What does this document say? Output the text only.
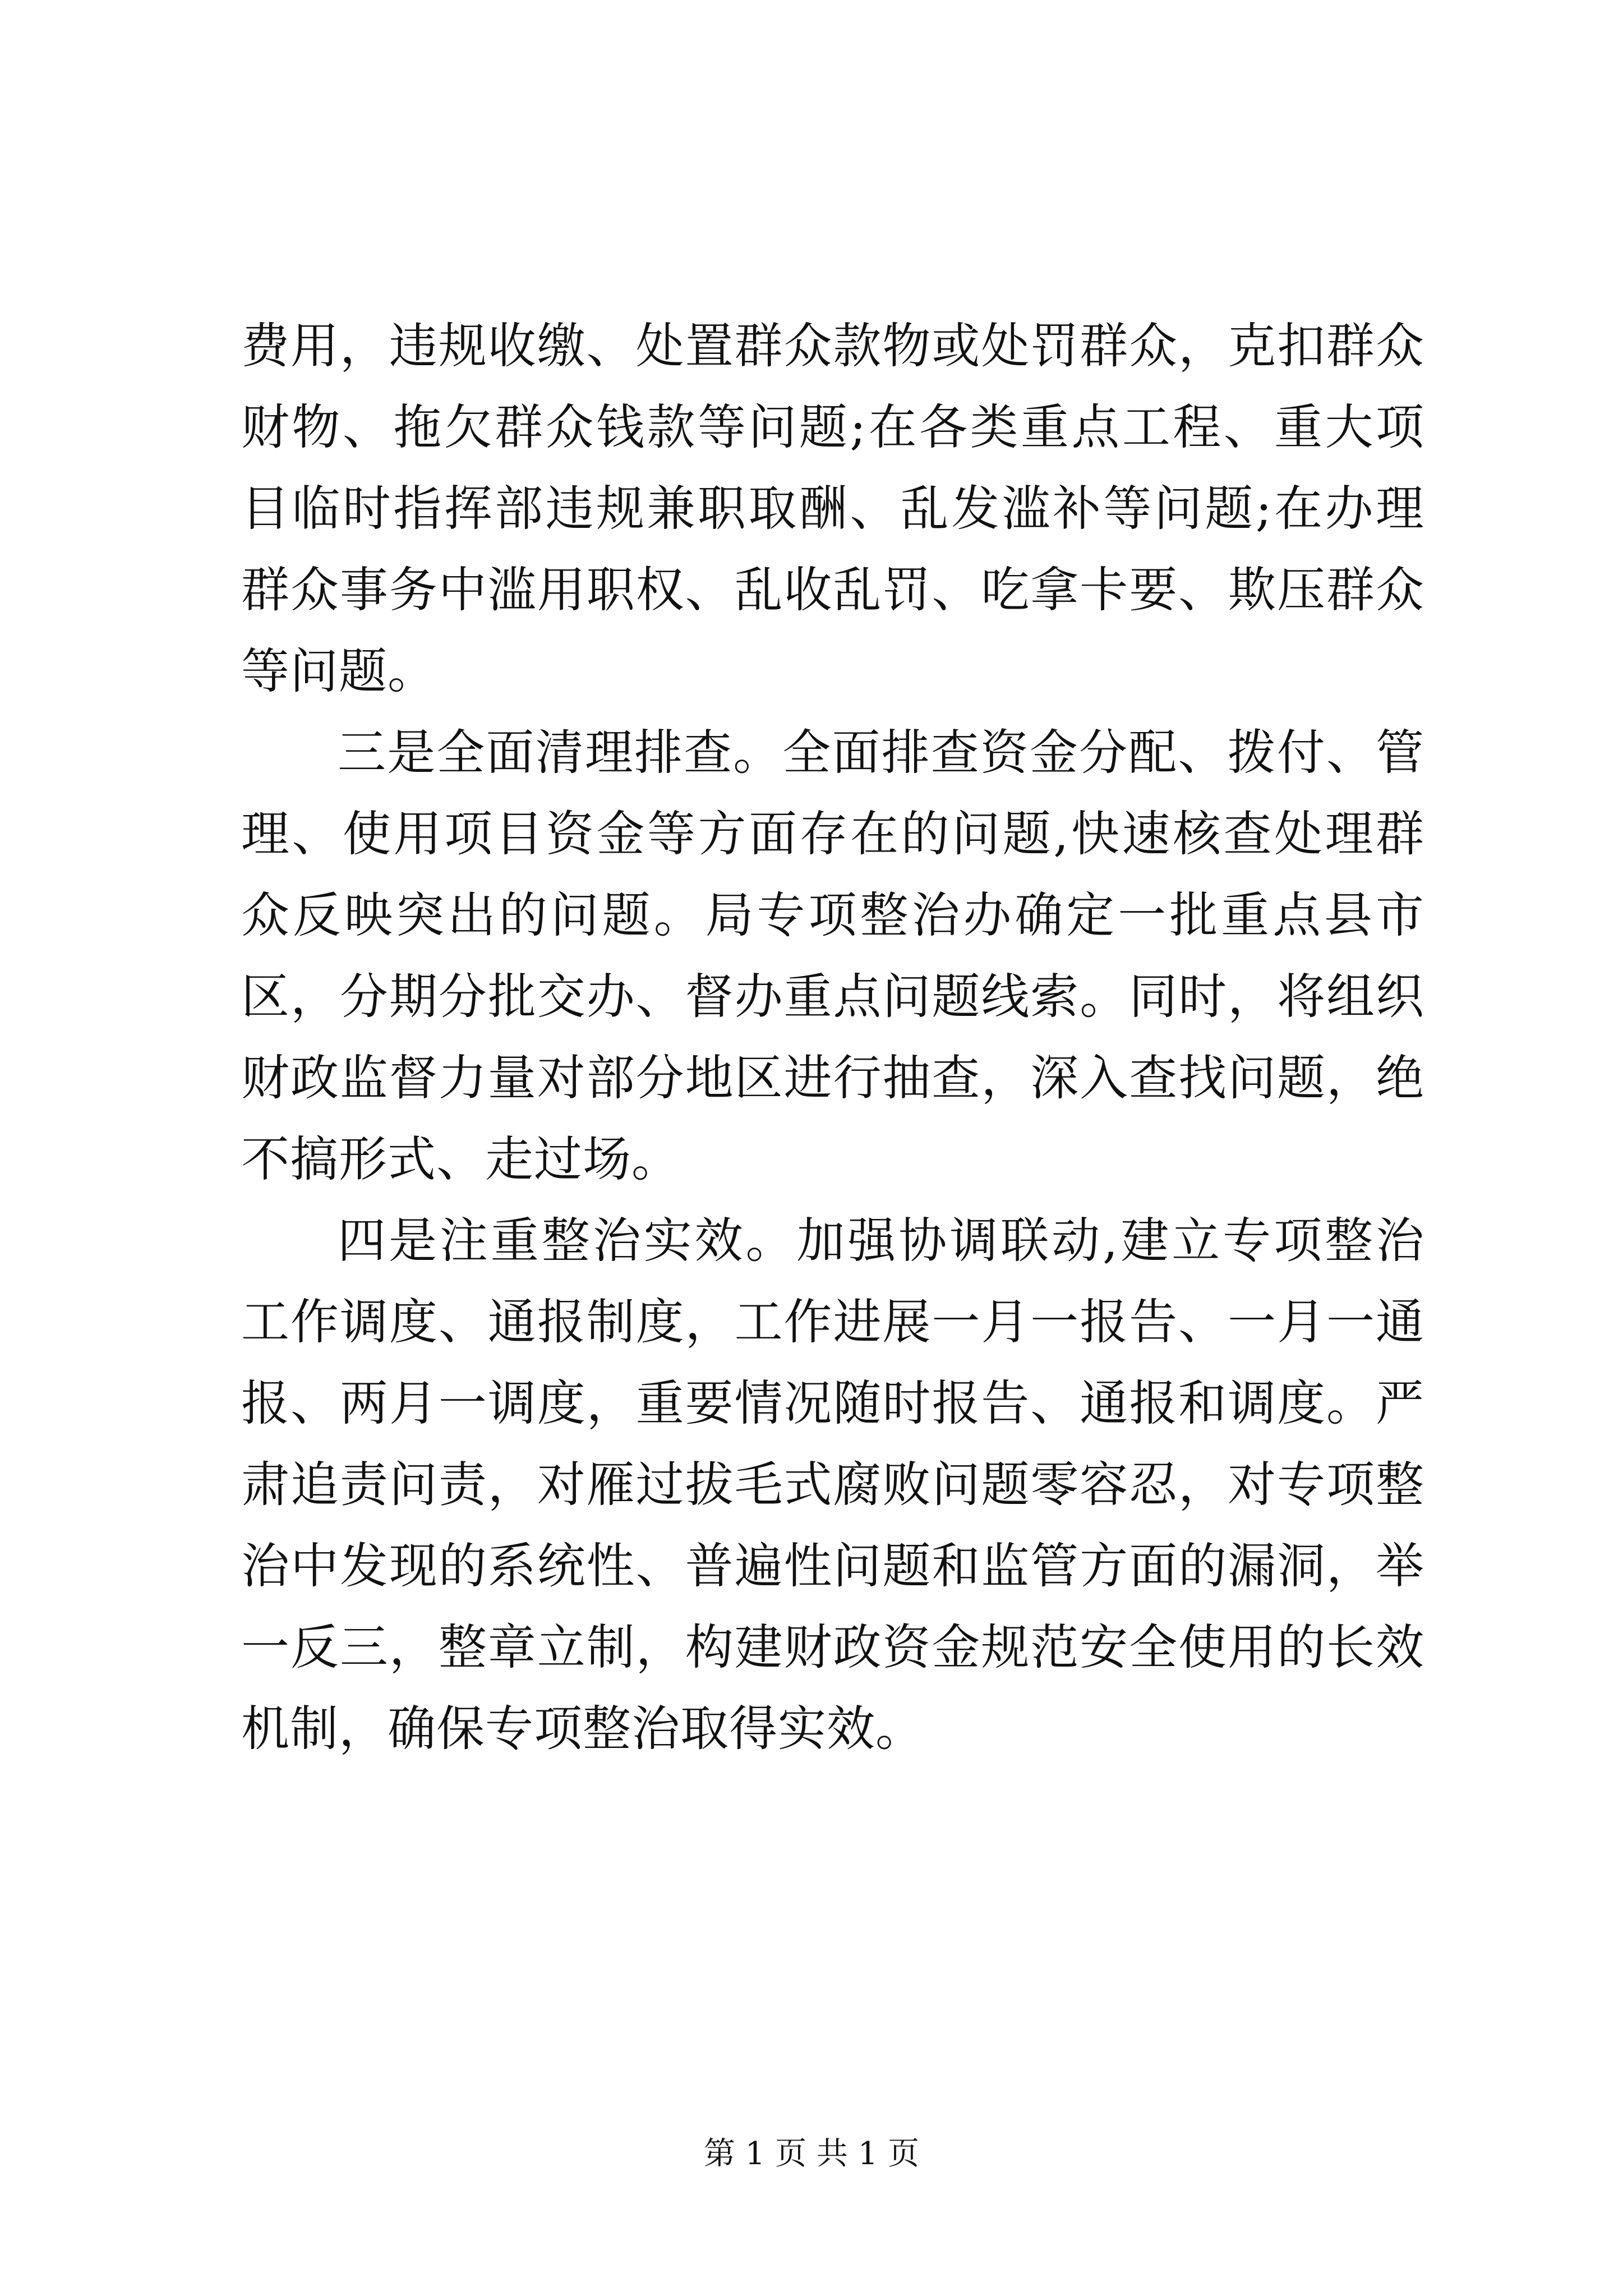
费用，违规收缴、处置群众款物或处罚群众，克扣群众财物、拖欠群众钱款等问题;在各类重点工程、重大项目临时指挥部违规兼职取酬、乱发滥补等问题;在办理群众事务中滥用职权、乱收乱罚、吃拿卡要、欺压群众等问题。

三是全面清理排查。全面排查资金分配、拨付、管理、使用项目资金等方面存在的问题,快速核查处理群众反映突出的问题。局专项整治办确定一批重点县市区，分期分批交办、督办重点问题线索。同时，将组织财政监督力量对部分地区进行抽查，深入查找问题，绝不搞形式、走过场。

四是注重整治实效。加强协调联动,建立专项整治工作调度、通报制度，工作进展一月一报告、一月一通报、两月一调度，重要情况随时报告、通报和调度。严肃追责问责，对雁过拔毛式腐败问题零容忍，对专项整治中发现的系统性、普遍性问题和监管方面的漏洞，举一反三，整章立制，构建财政资金规范安全使用的长效机制，确保专项整治取得实效。

第 1 页 共 1 页
